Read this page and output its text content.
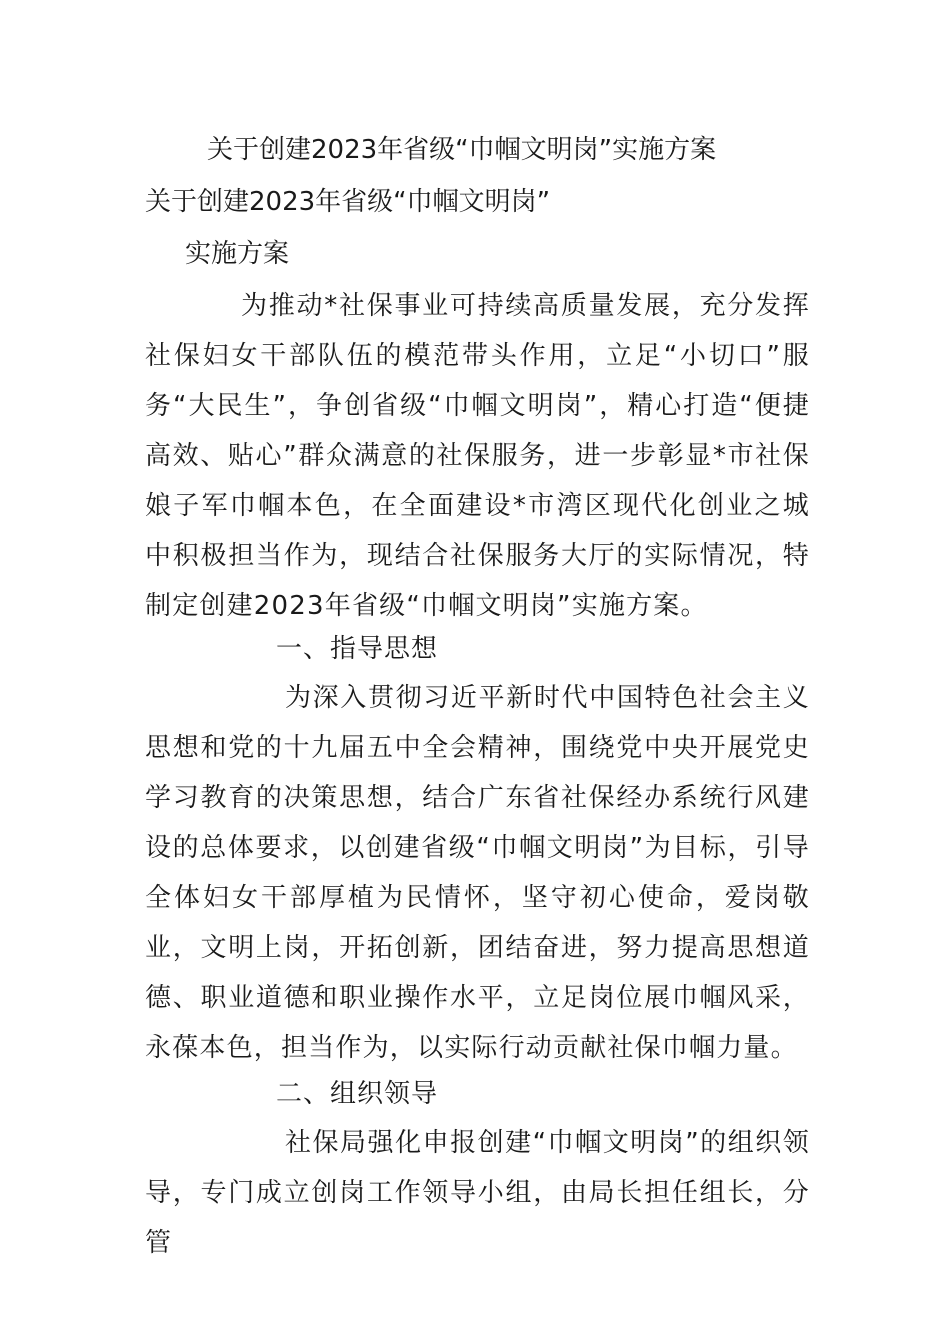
关于创建2023年省级“巾帼文明岗”实施方案
关于创建2023年省级“巾帼文明岗”
实施方案
为推动*社保事业可持续高质量发展，充分发挥社保妇女干部队伍的模范带头作用，立足“小切口”服务“大民生”，争创省级“巾帼文明岗”，精心打造“便捷高效、贴心”群众满意的社保服务，进一步彰显*市社保娘子军巾帼本色，在全面建设*市湾区现代化创业之城中积极担当作为，现结合社保服务大厅的实际情况，特制定创建2023年省级“巾帼文明岗”实施方案。
一、指导思想
为深入贯彻习近平新时代中国特色社会主义思想和党的十九届五中全会精神，围绕党中央开展党史学习教育的决策思想，结合广东省社保经办系统行风建设的总体要求，以创建省级“巾帼文明岗”为目标，引导全体妇女干部厚植为民情怀，坚守初心使命，爱岗敬业，文明上岗，开拓创新，团结奋进，努力提高思想道德、职业道德和职业操作水平，立足岗位展巾帼风采，永葆本色，担当作为，以实际行动贡献社保巾帼力量。
二、组织领导
社保局强化申报创建“巾帼文明岗”的组织领导，专门成立创岗工作领导小组，由局长担任组长，分管
